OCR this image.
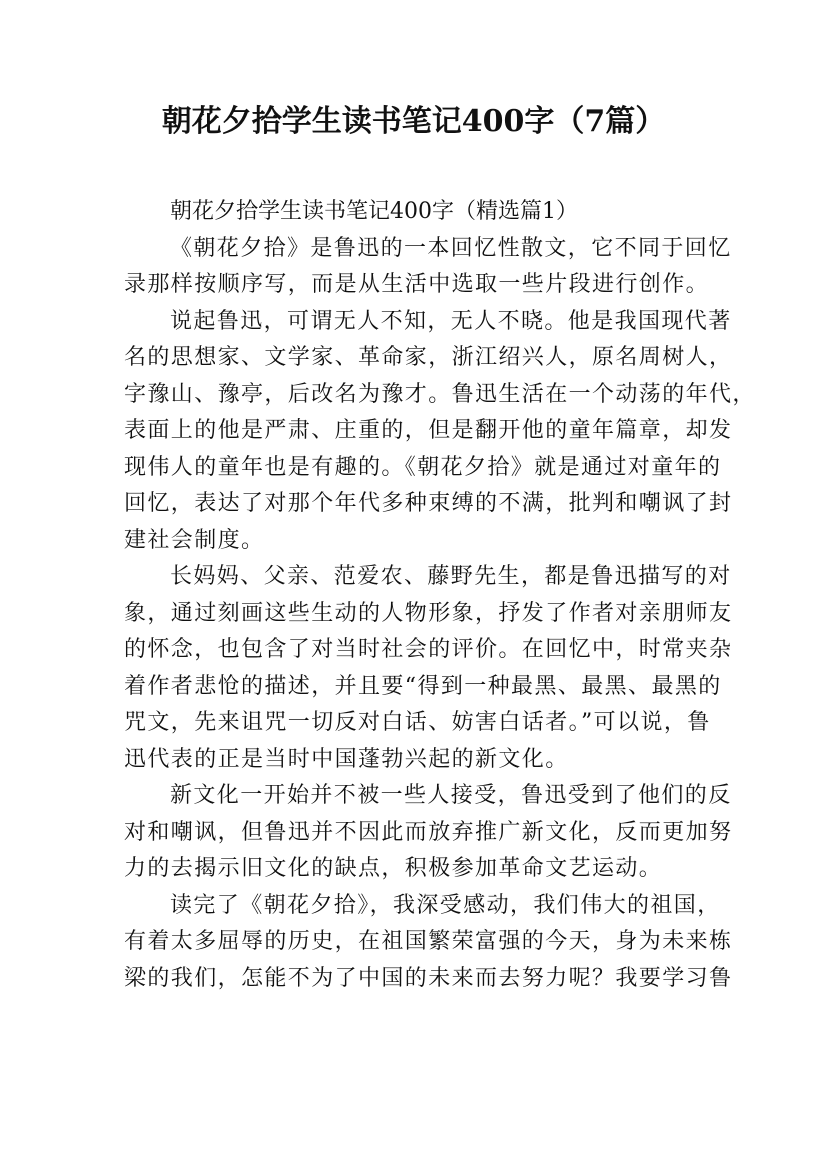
朝花夕拾学生读书笔记400字（7篇）

朝花夕拾学生读书笔记400字（精选篇1）

《朝花夕拾》是鲁迅的一本回忆性散文，它不同于回忆
录那样按顺序写，而是从生活中选取一些片段进行创作。
说起鲁迅，可谓无人不知，无人不晓。他是我国现代著
名的思想家、文学家、革命家，浙江绍兴人，原名周树人，
字豫山、豫亭，后改名为豫才。鲁迅生活在一个动荡的年代，
表面上的他是严肃、庄重的，但是翻开他的童年篇章，却发
现伟人的童年也是有趣的。《朝花夕拾》就是通过对童年的
回忆，表达了对那个年代多种束缚的不满，批判和嘲讽了封
建社会制度。
长妈妈、父亲、范爱农、藤野先生，都是鲁迅描写的对
象，通过刻画这些生动的人物形象，抒发了作者对亲朋师友
的怀念，也包含了对当时社会的评价。在回忆中，时常夹杂
着作者悲怆的描述，并且要“得到一种最黑、最黑、最黑的
咒文，先来诅咒一切反对白话、妨害白话者。”可以说，鲁
迅代表的正是当时中国蓬勃兴起的新文化。
新文化一开始并不被一些人接受，鲁迅受到了他们的反
对和嘲讽，但鲁迅并不因此而放弃推广新文化，反而更加努
力的去揭示旧文化的缺点，积极参加革命文艺运动。
读完了《朝花夕拾》，我深受感动，我们伟大的祖国，
有着太多屈辱的历史，在祖国繁荣富强的今天，身为未来栋
梁的我们，怎能不为了中国的未来而去努力呢？我要学习鲁
